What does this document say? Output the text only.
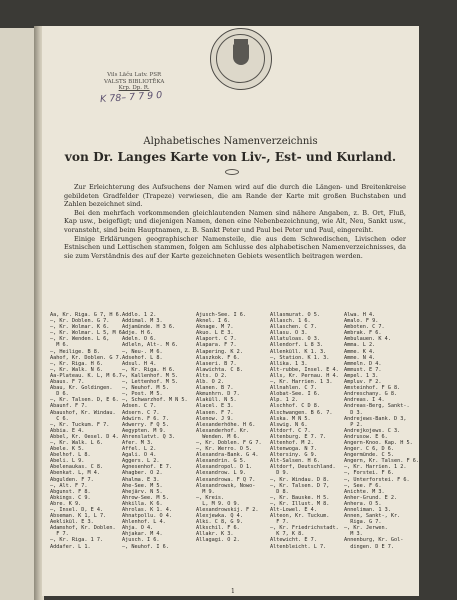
Vils Lāču Latv. PSR
VALSTS BIBLIOTĒKA
Krp. Dp. R.
K 78– 7 7 9 0
Alphabetisches Namenverzeichnis
von Dr. Langes Karte von Liv-, Est- und Kurland.

Zur Erleichterung des Aufsuchens der Namen wird auf die durch die Längen- und Breitenkreise gebildeten Gradfelder (Trapeze) verwiesen, die am Rande der Karte mit großen Buchstaben und Zahlen bezeichnet sind.

Bei den mehrfach vorkommenden gleichlautenden Namen sind nähere Angaben, z. B. Ort, Fluß, Kap usw., beigefügt; und diejenigen Namen, denen eine Nebenbezeichnung, wie Alt, Neu, Sankt usw., voransteht, sind beim Hauptnamen, z. B. Sankt Peter und Paul bei Peter und Paul, eingereiht.

Einige Erklärungen geographischer Namensteile, die aus dem Schwedischen, Livischen oder Estnischen und Lettischen stammen, folgen am Schlusse des alphabetischen Namenverzeichnisses, da sie zum Verständnis des auf der Karte gezeichneten Gebiets wesentlich beitragen werden.

Aa, Kr. Riga. G 7, H 6.
–, Kr. Doblen. G 7.
–, Kr. Wolmar. K 6.
–, Kr. Wolmar. L 5, M 6.
–, Kr. Wenden. L 6,
M 6.
–, Heilige. B 8.
Aahof, Kr. Doblen. G 7.
–, Kr. Riga. H 6.
–, Kr. Walk. N 6.
Aa-Plateau. K. L, M 6.7.
Abaus. F 7.
Abau, Kr. Goldingen.
D 6.
–, Kr. Talsen. D, E 6.
Abaunf. F 7.
Abaushof, Kr. Windau.
C 6.
–, Kr. Tuckum. F 7.
Abbia. E 4.
Abbel, Kr. Oesel. D 4.
–, Kr. Walk. L 6.
Abele. K 5.
Abelhof. L 8.
Abeli. L 9.
Abelenaukas. C 8.
Abenkat. L, M 4.
Abgulden. F 7.
–, Alt. F 7.
Abgunst. F 8.
Abkings. C 9.
Abre. K 9.
–, Insel. D, E 4.
Abseman. K 1, L 7.
Aeklikül. E 3.
Adamshof, Kr. Doblen.
F 7.
–, Kr. Riga. 1 7.
Addafer. L 1.
Addlo. 1 2.
Addimal. M 3.
Adjamünde. H 3 6.
Adje. H 6.
Adeln. O 6.
Adleln, Alt-. M 6.
–, Neu-. M 6.
Adsehof. L 8.
Adsul. H 4.
–, Kr. Riga. H 6.
–, Kallenhof. M 5.
–, Lettenhof. M 5.
–, Neuhof. M 5.
–, Post. M 5.
–, Schwarzhof. M N 5.
Adsen. C 7.
Adsern. C 7.
Adwirn. F 6. 7.
Adwerry. F Q 5.
Aegypten. M 9.
Ahrenslatvt. Q 3.
Afer. M 3.
Affel. L 2.
Agali. O 4.
Aggers. L 2.
Agnesenhof. E 7.
Ahagber. O 2.
Ahalma. E 3.
Ahe-See. M 5.
Ahejärv. N 5.
Ahrow-See. M 5.
Ahkilla. K 6.
Ahrolas. K 1. 4.
Ahnatpollu. O 4.
Ahlenhof. L 4.
Ahja. O 4.
Ahjakar. M 4.
Ajusch. I 6.
–, Neuhof. I 6.
Ajusch-See. I 6.
Aknel. I 6.
Aknage. M 7.
Akuo. L E 3.
Alaport. C 7.
Alapara. F 7.
Alapering. K 2.
Alaszkok. F 6.
Alaseri. B 7.
Alawichta. C 8.
Alts. O 2.
Alb. O 2.
Alanen. B 7.
Akmunhrn. D 7.
Alaküll. N 5.
Alacel. E 3.
Alasen. F 7.
Alenow. J 9.
Alexanderhöhe. H 6.
Alexanderhof. Kr.
Wenden. M 6.
–, Kr. Doblen. F G 7.
–, Kr. Werro. O 5.
Alexandra-Bank. G 4.
Alexandrin. G 5.
Alexandropol. O 1.
Alexandrow. L 9.
Alexandrowa. F Q 7.
Alexandrowsk, Nowo-
M 9.
–, Kreis.
L, M 9. O 9.
Alexandrowskij. F 2.
Alexjewka. Q 4.
Alki. C 8, G 9.
Alkschil. F 6.
Allakr. K 3.
Allagagi. O 2.
Allasmurat. O 5.
Allasch. 1 6.
Allaschen. C 7.
Allasu. O 3.
Allatuloas. O 3.
Allendorf. L 8 3.
Allenküll. K 1. 3.
–, Station. K 1. 3.
Allika. 1 3.
Alt-rubbe, Insel. E 4.
Alls, Kr. Pernau. H 4.
–, Kr. Harrien. 1 3.
Allnahlen. C 7.
Alobat-See. I 6.
Alp. 1 2.
Alschhof. C D 8.
Alschwangen. B 6. 7.
Alska. M N 5.
Alswig. N 6.
Altdorf. C 7.
Altenburg. E 7. 7.
Altenhof. M 2.
Altenwoga. N 7.
Altersiny. G 9.
Alt-Salsen. H 6.
Altdorf, Deutschland.
D 9.
–, Kr. Windau. D 8.
–, Kr. Talsen. D 7,
D 8.
–, Kr. Bauske. H 5.
–, Kr. Illust. M 8.
Alt-Lowel. E 4.
Alteon, Kr. Tuckum.
F 7.
–, Kr. Friedrichstadt.
K 7, K 8.
Altewicht. E 7.
Altenbleicht. L 7.
Alwa. H 4.
Amalo. F 9.
Amboten. C 7.
Ambrak. F 6.
Ambulauen. K 4.
Amma. L 2.
Amme. K 4.
Amme. N 4.
Ammeln. D 4.
Ammust. E 7.
Ampel. 1 3.
Ampluv. F 2.
Amsteinhof. F G 8.
Andreschany. G 8.
Andreas. I 4.
Andreas-Berg, Sankt-.
D 3.
Andrejews-Bank. D 3,
P 2.
Andrejkojews. C 3.
Andrusow. E 6.
Angern-Knoo. Kap. H 5.
Anger. C 6, D 6.
Angermünde. C 5.
Angern, Kr. Talsen. F 6.
–, Kr. Harrien. 1 2.
–, Forstei. F 6.
–, Unterforstei. F 6.
–, See. F 6.
Anichte. M 3.
Anher-Grund. E 2.
Anhera. O 5.
Anneliman. 1 3.
Annen, Sankt-, Kr.
Riga. G 7.
–, Kr. Jerwen.
M 3.
Annenburg, Kr. Gol-
dingen. D E 7.
1
